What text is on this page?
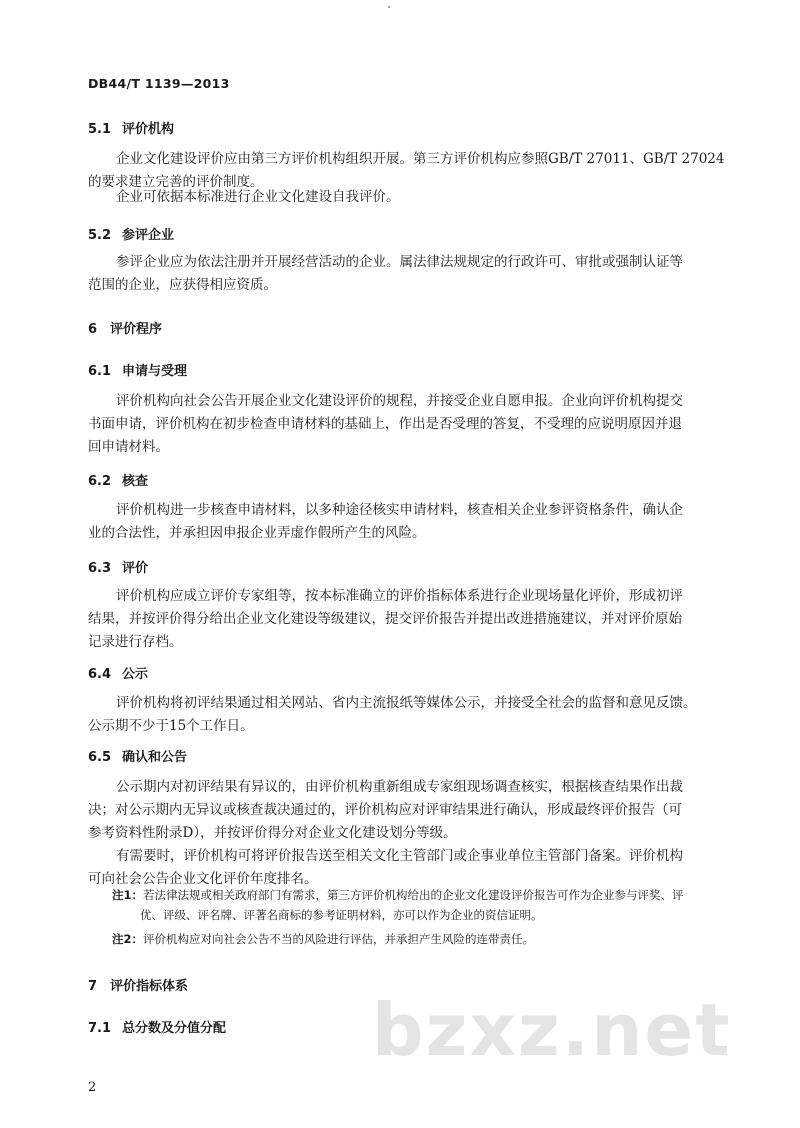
DB44/T 1139—2013
5.1 评价机构
企业文化建设评价应由第三方评价机构组织开展。第三方评价机构应参照GB/T 27011、GB/T 27024
的要求建立完善的评价制度。
企业可依据本标准进行企业文化建设自我评价。
5.2 参评企业
参评企业应为依法注册并开展经营活动的企业。属法律法规规定的行政许可、审批或强制认证等
范围的企业，应获得相应资质。
6 评价程序
6.1 申请与受理
评价机构向社会公告开展企业文化建设评价的规程，并接受企业自愿申报。企业向评价机构提交
书面申请，评价机构在初步检查申请材料的基础上，作出是否受理的答复，不受理的应说明原因并退
回申请材料。
6.2 核查
评价机构进一步核查申请材料，以多种途径核实申请材料，核查相关企业参评资格条件，确认企
业的合法性，并承担因申报企业弄虚作假所产生的风险。
6.3 评价
评价机构应成立评价专家组等，按本标准确立的评价指标体系进行企业现场量化评价，形成初评
结果，并按评价得分给出企业文化建设等级建议，提交评价报告并提出改进措施建议，并对评价原始
记录进行存档。
6.4 公示
评价机构将初评结果通过相关网站、省内主流报纸等媒体公示，并接受全社会的监督和意见反馈。
公示期不少于15个工作日。
6.5 确认和公告
公示期内对初评结果有异议的，由评价机构重新组成专家组现场调查核实，根据核查结果作出裁
决；对公示期内无异议或核查裁决通过的，评价机构应对评审结果进行确认，形成最终评价报告（可
参考资料性附录D），并按评价得分对企业文化建设划分等级。
有需要时，评价机构可将评价报告送至相关文化主管部门或企事业单位主管部门备案。评价机构
可向社会公告企业文化评价年度排名。
注1：若法律法规或相关政府部门有需求，第三方评价机构给出的企业文化建设评价报告可作为企业参与评奖、评
优、评级、评名牌、评著名商标的参考证明材料，亦可以作为企业的资信证明。
注2：评价机构应对向社会公告不当的风险进行评估，并承担产生风险的连带责任。
7 评价指标体系
7.1 总分数及分值分配 bzxz.net
2
